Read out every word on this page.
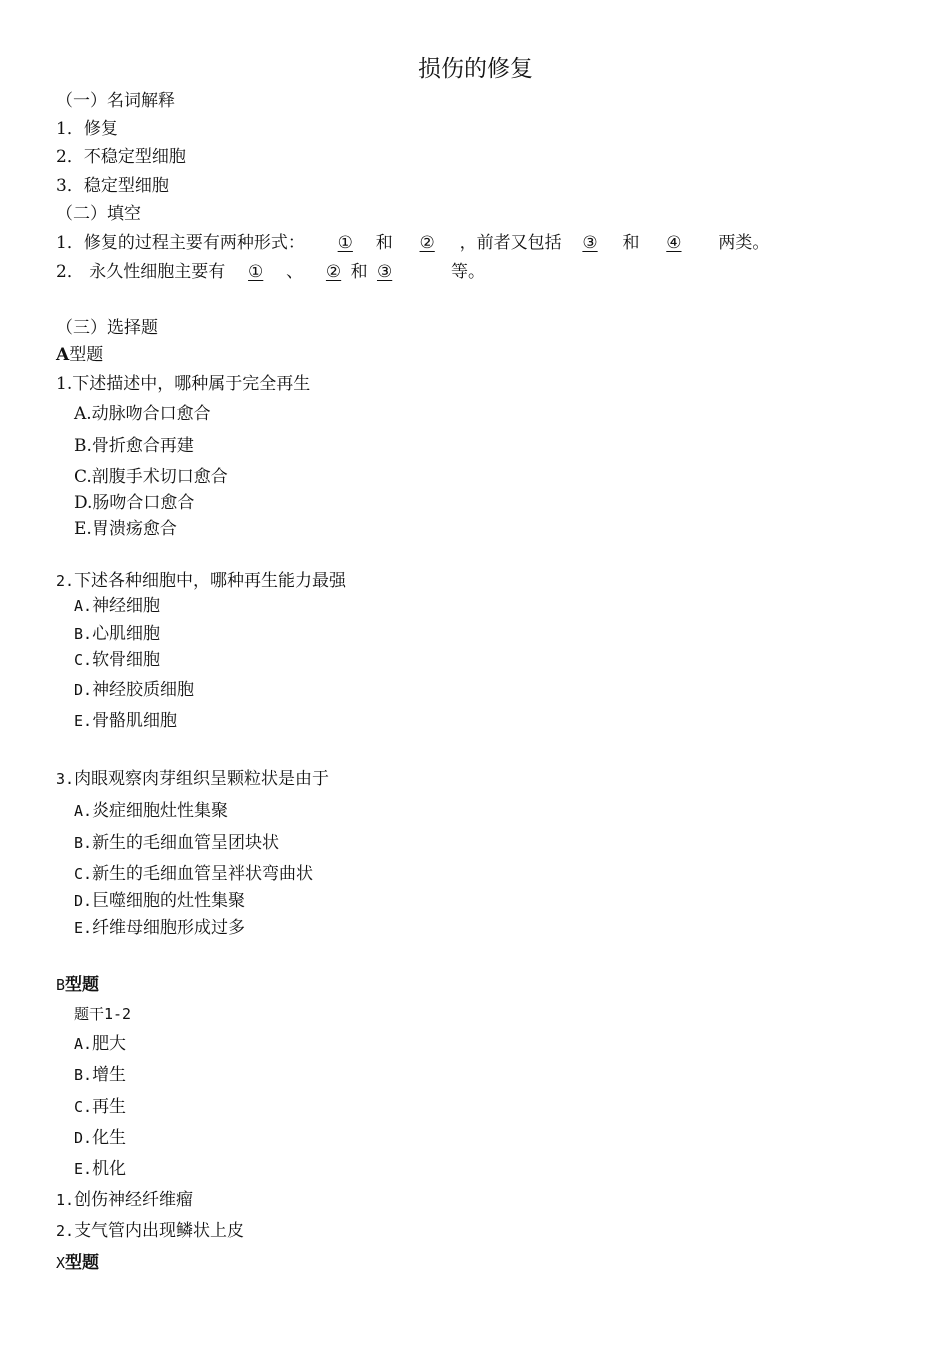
损伤的修复
（一）名词解释
1．修复
2．不稳定型细胞
3．稳定型细胞
（二）填空
1．修复的过程主要有两种形式： ① 和 ② ，前者又包括 ③ 和 ④ 两类。
2． 永久性细胞主要有 ① 、 ② 和 ③	等。
（三）选择题
A型题
1.下述描述中，哪种属于完全再生
A.动脉吻合口愈合
B.骨折愈合再建
C.剖腹手术切口愈合
D.肠吻合口愈合
E.胃溃疡愈合
2.下述各种细胞中，哪种再生能力最强
A.神经细胞
B.心肌细胞
C.软骨细胞
D.神经胶质细胞
E.骨骼肌细胞
3.肉眼观察肉芽组织呈颗粒状是由于
A.炎症细胞灶性集聚
B.新生的毛细血管呈团块状
C.新生的毛细血管呈袢状弯曲状
D.巨噬细胞的灶性集聚
E.纤维母细胞形成过多
B型题
题干1-2
A.肥大
B.增生
C.再生
D.化生
E.机化
1.创伤神经纤维瘤
2.支气管内出现鳞状上皮
X型题
